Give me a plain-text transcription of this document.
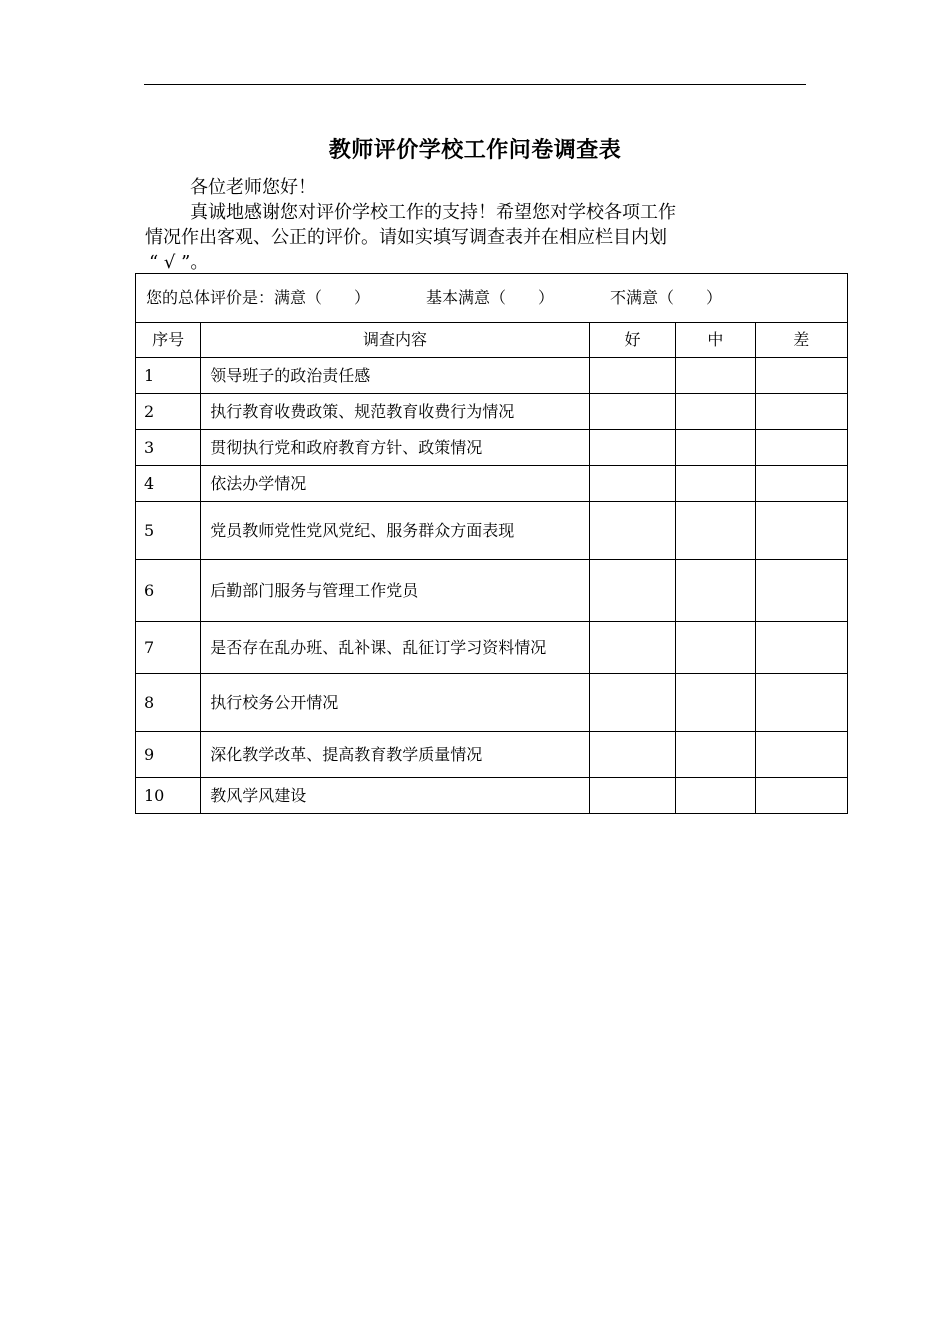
教师评价学校工作问卷调查表

各位老师您好！

真诚地感谢您对评价学校工作的支持！希望您对学校各项工作

情况作出客观、公正的评价。请如实填写调查表并在相应栏目内划

“ √ ”。

您的总体评价是：满意（　　） 基本满意（　　） 不满意（　　）				
序号	调查内容	好	中	差
1	领导班子的政治责任感			
2	执行教育收费政策、规范教育收费行为情况			
3	贯彻执行党和政府教育方针、政策情况			
4	依法办学情况			
5	党员教师党性党风党纪、服务群众方面表现			
6	后勤部门服务与管理工作党员			
7	是否存在乱办班、乱补课、乱征订学习资料情况			
8	执行校务公开情况			
9	深化教学改革、提高教育教学质量情况			
10	教风学风建设			
